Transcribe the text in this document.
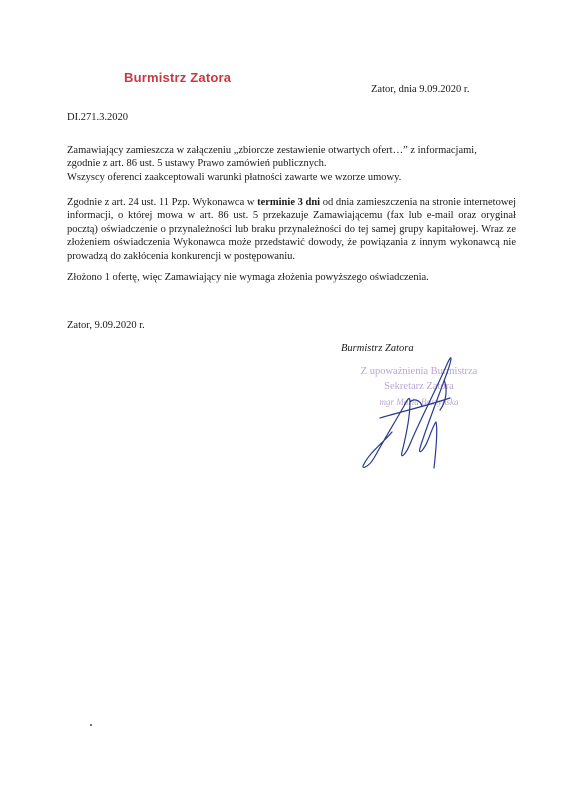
Burmistrz Zatora
Zator, dnia 9.09.2020 r.
DI.271.3.2020
Zamawiający zamieszcza w załączeniu „zbiorcze zestawienie otwartych ofert…” z informacjami,
zgodnie z art. 86 ust. 5 ustawy Prawo zamówień publicznych.
Wszyscy oferenci zaakceptowali warunki płatności zawarte we wzorze umowy.
Zgodnie z art. 24 ust. 11 Pzp. Wykonawca w terminie 3 dni od dnia zamieszczenia na stronie internetowej informacji, o której mowa w art. 86 ust. 5 przekazuje Zamawiającemu (fax lub e-mail oraz oryginał pocztą) oświadczenie o przynależności lub braku przynależności do tej samej grupy kapitałowej. Wraz ze złożeniem oświadczenia Wykonawca może przedstawić dowody, że powiązania z innym wykonawcą nie prowadzą do zakłócenia konkurencji w postępowaniu.
Złożono 1 ofertę, więc Zamawiający nie wymaga złożenia powyższego oświadczenia.
Zator, 9.09.2020 r.
Burmistrz Zatora
Z upoważnienia Burmistrza
Sekretarz Zatora
mgr Maria Baszyńska
